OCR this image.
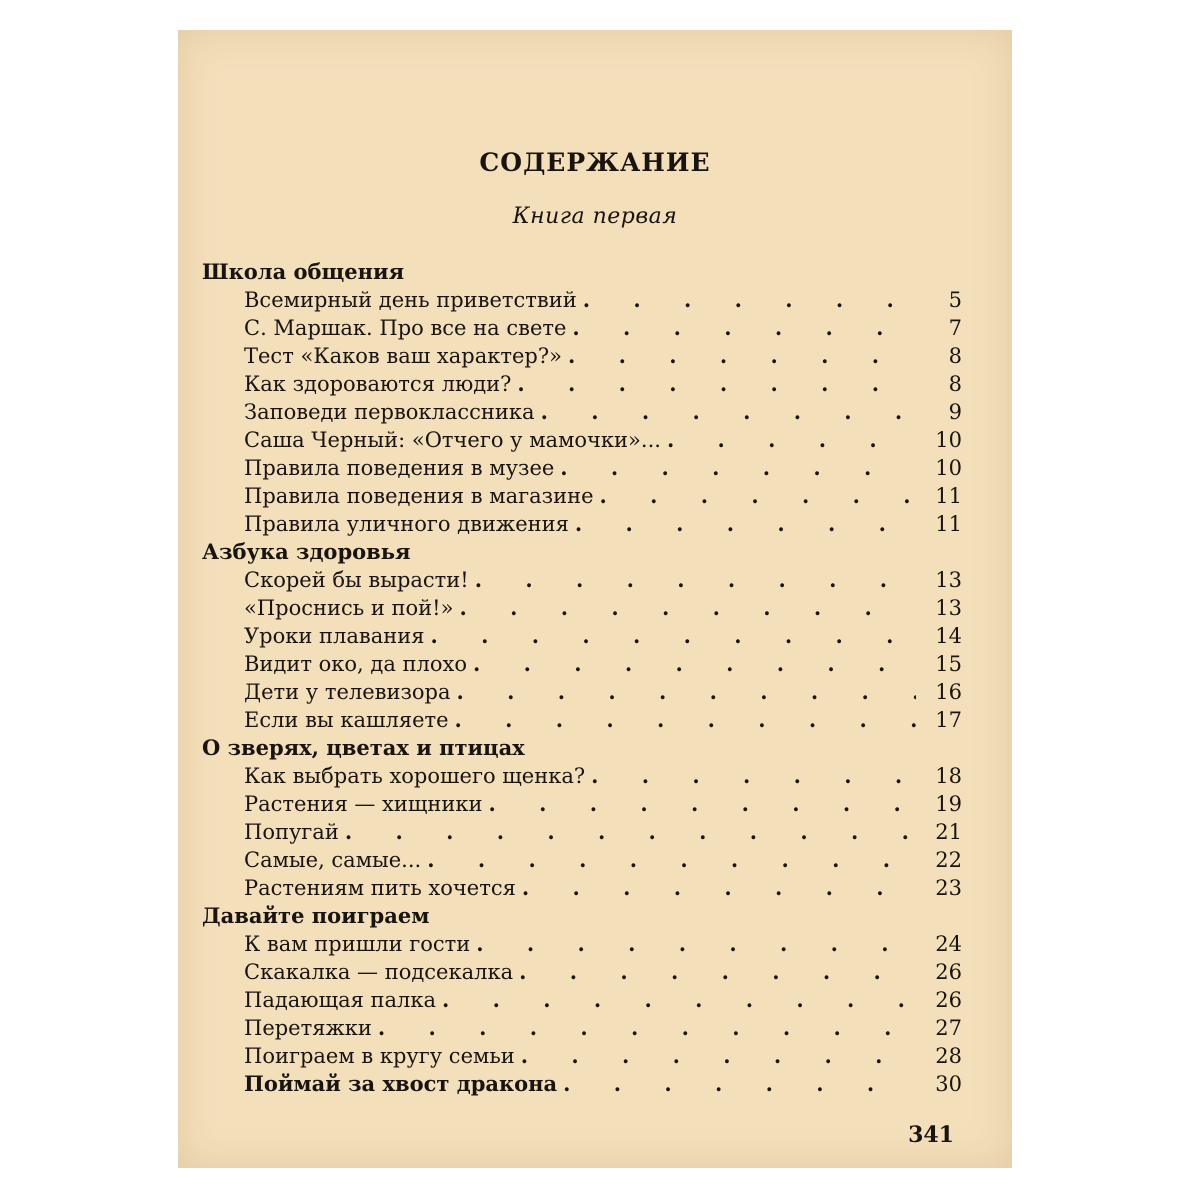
СОДЕРЖАНИЕ
Книга первая
Школа общения
Всемирный день приветствий . . .	5
С. Маршак. Про все на свете . . .	7
Тест «Каков ваш характер?» . . .	8
Как здороваются люди? . . .	8
Заповеди первоклассника . . .	9
Саша Черный: «Отчего у мамочки»... . . .	10
Правила поведения в музее . . .	10
Правила поведения в магазине . . .	11
Правила уличного движения . . .	11
Азбука здоровья
Скорей бы вырасти! . . .	13
«Проснись и пой!» . . .	13
Уроки плавания . . .	14
Видит око, да плохо . . .	15
Дети у телевизора . . .	16
Если вы кашляете . . .	17
О зверях, цветах и птицах
Как выбрать хорошего щенка? . . .	18
Растения — хищники . . .	19
Попугай . . .	21
Самые, самые... . . .	22
Растениям пить хочется . . .	23
Давайте поиграем
К вам пришли гости . . .	24
Скакалка — подсекалка . . .	26
Падающая палка . . .	26
Перетяжки . . .	27
Поиграем в кругу семьи . . .	28
Поймай за хвост дракона . . .	30
341
